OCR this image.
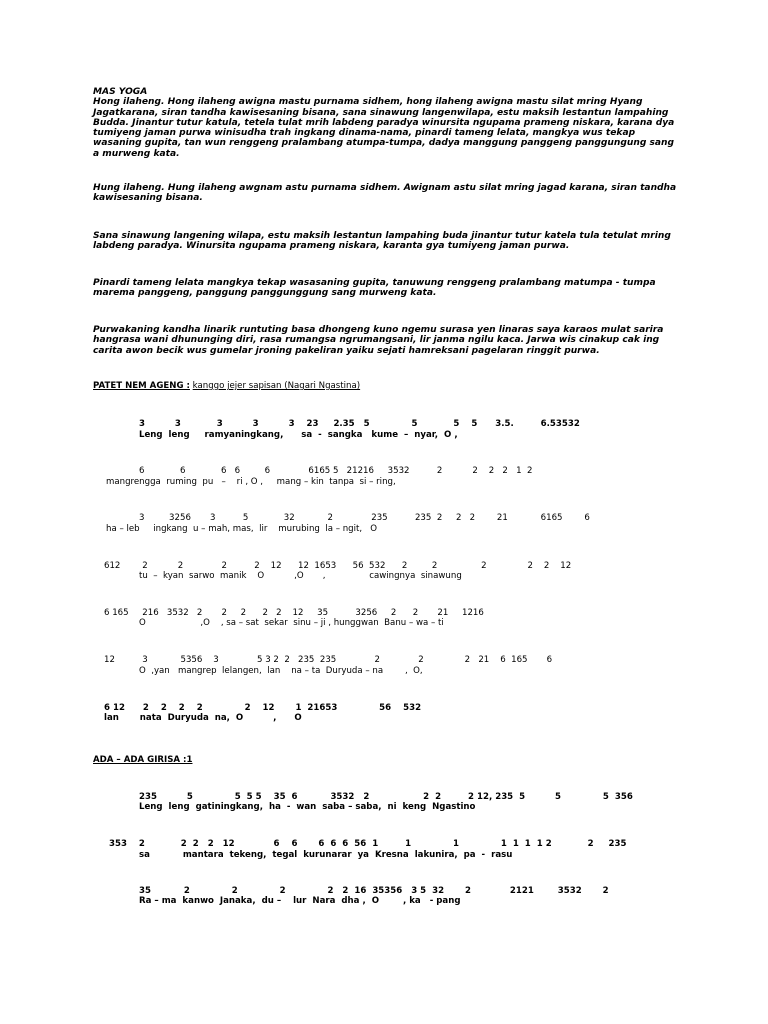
MAS YOGA

Hong ilaheng. Hong ilaheng awigna mastu purnama sidhem, hong ilaheng awigna mastu silat mring Hyang Jagatkarana, siran tandha kawisesaning bisana, sana sinawung langenwilapa, estu maksih lestantun lampahing Budda. Jinantur tutur katula, tetela tulat mrih labdeng paradya winursita ngupama prameng niskara, karana dya tumiyeng jaman purwa winisudha trah ingkang dinama-nama, pinardi tameng lelata, mangkya wus tekap wasaning gupita, tan wun renggeng pralambang atumpa-tumpa, dadya manggung panggeng panggungung sang a murweng kata.

Hung ilaheng. Hung ilaheng awgnam astu purnama sidhem. Awignam astu silat mring jagad karana, siran tandha kawisesaning bisana.

Sana sinawung langening wilapa, estu maksih lestantun lampahing buda jinantur tutur katela tula tetulat mring labdeng paradya. Winursita ngupama prameng niskara, karanta gya tumiyeng jaman purwa.

Pinardi tameng lelata mangkya tekap wasasaning gupita, tanuwung renggeng pralambang matumpa - tumpa marema panggeng, panggung panggunggung sang murweng kata.

Purwakaning kandha linarik runtuting basa dhongeng kuno ngemu surasa yen linaras saya karaos mulat sarira hangrasa wani dhununging diri, rasa rumangsa ngrumangsani, lir janma ngilu kaca. Jarwa wis cinakup cak ing carita awon becik wus gumelar jroning pakeliran yaiku sejati hamreksani pagelaran ringgit purwa.

PATET NEM AGENG : kanggo jejer sapisan (Nagari Ngastina)
3          3            3          3          3    23     2.35   5              5            5    5      3.5.         6.53532
Leng  leng     ramyaningkang,      sa  -  sangka   kume  –  nyar,  O ,
6             6             6   6         6              6165 5   21216     3532          2           2    2   2   1  2
mangrengga  ruming  pu   –    ri , O ,     mang – kin  tanpa  si – ring,
3         3256       3          5             32            2              235          235  2     2   2        21            6165        6
ha – leb     ingkang  u – mah, mas,  lir    murubing  la – ngit,   O
612        2           2              2          2    12      12  1653      56  532      2         2                2               2    2    12
tu  –  kyan  sarwo  manik    O           ,O       ,                cawingnya  sinawung
6 165     216   3532   2       2     2      2   2    12     35          3256     2      2       21     1216
O                    ,O    , sa – sat  sekar  sinu – ji , hunggwan  Banu – wa – ti
12          3            5356    3              5 3 2  2   235  235              2              2               2   21    6  165       6
O  ,yan   mangrep  lelangen,  lan    na – ta  Duryuda – na        ,  O,
6 12      2    2    2    2              2    12       1  21653              56    532
lan       nata  Duryuda  na,  O          ,      O
ADA – ADA GIRISA :1
235          5              5  5 5    35  6           3532   2                  2  2         2 12, 235  5          5              5  356
Leng  leng  gatiningkang,  ha  -  wan  saba – saba,  ni  keng  Ngastino
353    2            2  2   2   12             6    6       6  6  6  56  1         1              1              1  1  1  1 2            2     235
sa           mantara  tekeng,  tegal  kurunarar  ya  Kresna  lakunira,  pa  -  rasu
35           2              2              2              2   2  16  35356   3 5  32       2             2121        3532       2
Ra – ma  kanwo  Janaka,  du –    lur  Nara  dha ,  O        , ka   - pang
